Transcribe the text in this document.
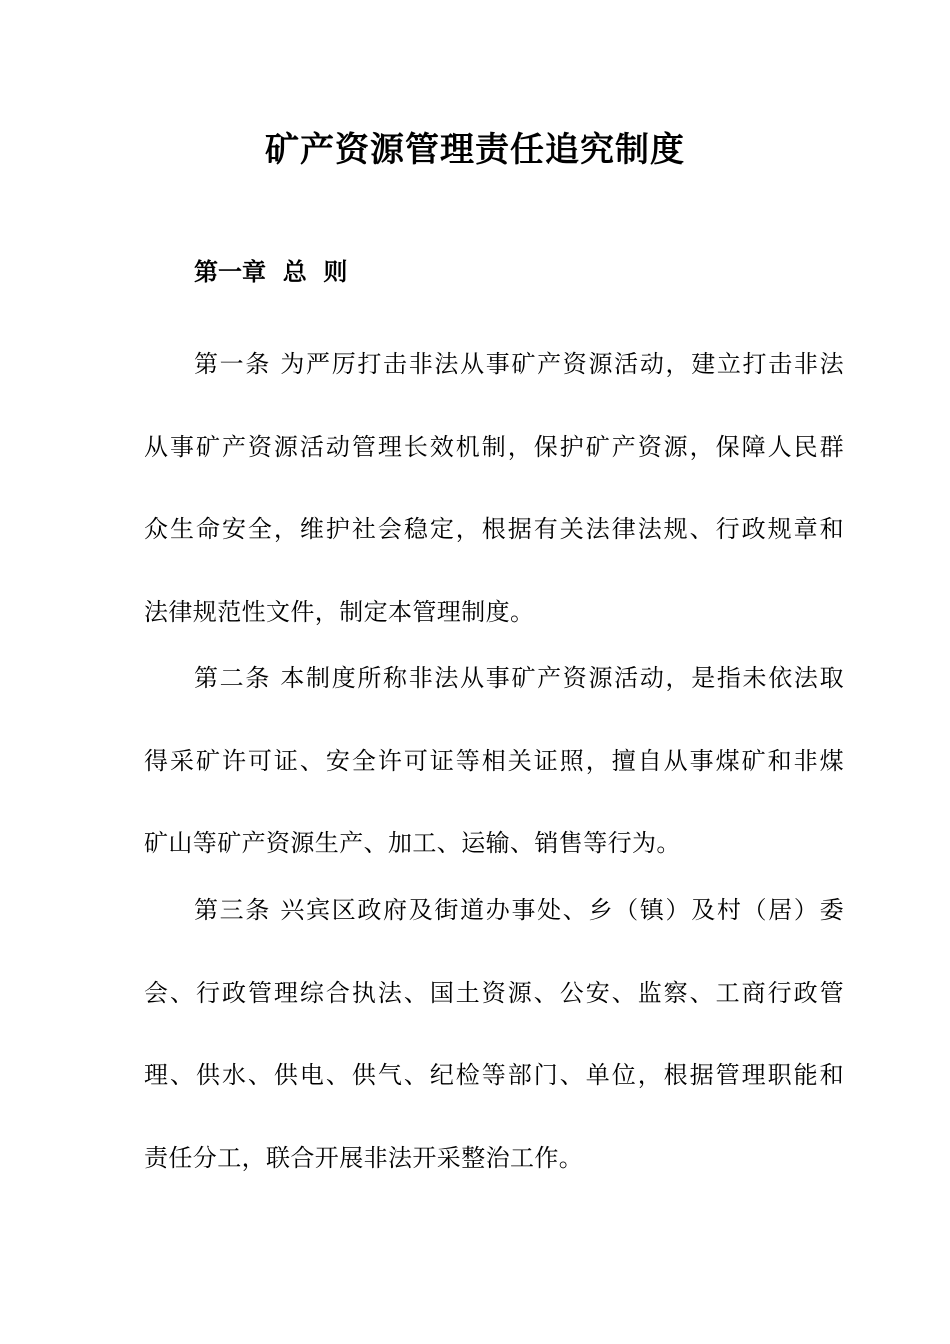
矿产资源管理责任追究制度
第一章  总  则
第一条 为严厉打击非法从事矿产资源活动，建立打击非法
从事矿产资源活动管理长效机制，保护矿产资源，保障人民群
众生命安全，维护社会稳定，根据有关法律法规、行政规章和
法律规范性文件，制定本管理制度。
第二条 本制度所称非法从事矿产资源活动，是指未依法取
得采矿许可证、安全许可证等相关证照，擅自从事煤矿和非煤
矿山等矿产资源生产、加工、运输、销售等行为。
第三条 兴宾区政府及街道办事处、乡（镇）及村（居）委
会、行政管理综合执法、国土资源、公安、监察、工商行政管
理、供水、供电、供气、纪检等部门、单位，根据管理职能和
责任分工，联合开展非法开采整治工作。
